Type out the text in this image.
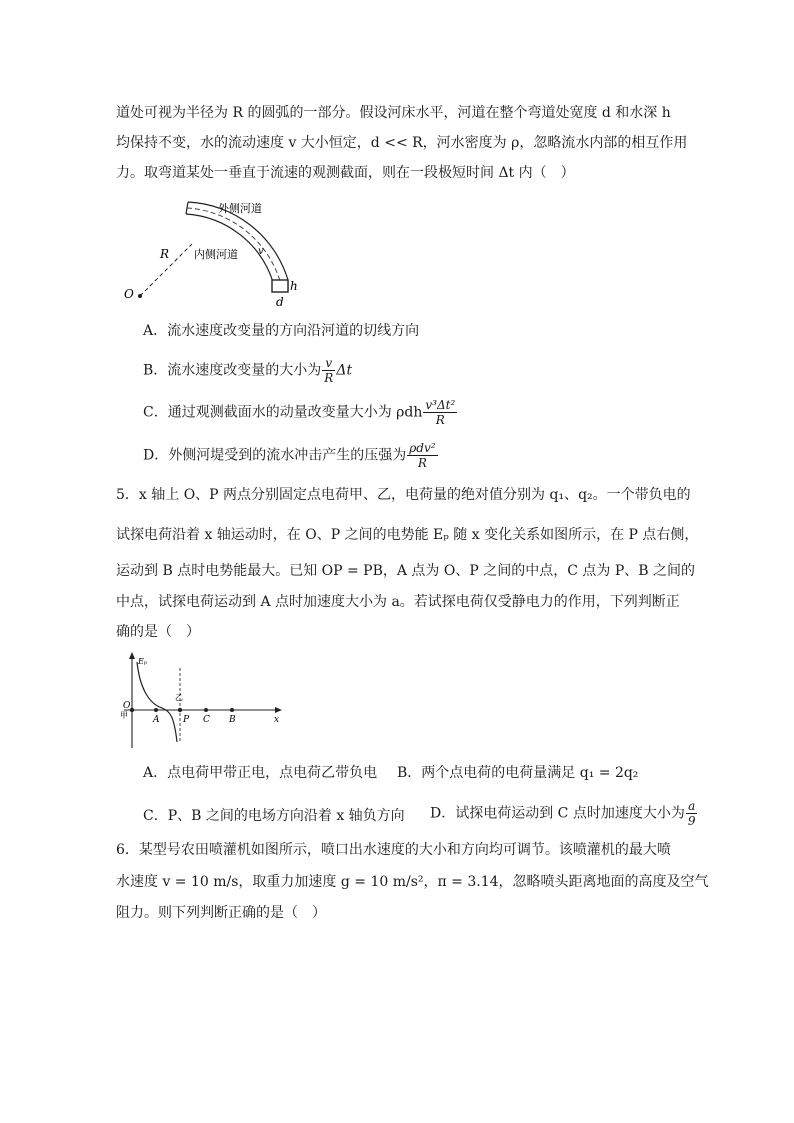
道处可视为半径为 R 的圆弧的一部分。假设河床水平，河道在整个弯道处宽度 d 和水深 h
均保持不变，水的流动速度 v 大小恒定，d << R，河水密度为 ρ，忽略流水内部的相互作用
力。取弯道某处一垂直于流速的观测截面，则在一段极短时间 Δt 内（　）
R
O
外侧河道
内侧河道 v
d
h
A．流水速度改变量的方向沿河道的切线方向
B．流水速度改变量的大小为 $\frac{v}{R}$ Δt
C．通过观测截面水的动量改变量大小为 ρdh $\frac{\text{v³Δt²}}{R}$
D．外侧河堤受到的流水冲击产生的压强为 $\frac{\text{ρdv²}}{R}$
5．x 轴上 O、P 两点分别固定点电荷甲、乙，电荷量的绝对值分别为 q₁、q₂。一个带负电的
试探电荷沿着 x 轴运动时，在 O、P 之间的电势能 Eₚ 随 x 变化关系如图所示，在 P 点右侧，
运动到 B 点时电势能最大。已知 OP = PB，A 点为 O、P 之间的中点，C 点为 P、B 之间的
中点，试探电荷运动到 A 点时加速度大小为 a。若试探电荷仅受静电力的作用，下列判断正
确的是（　）
Eₚ
O
甲	A	P
乙
C B	x
A．点电荷甲带正电，点电荷乙带负电 B．两个点电荷的电荷量满足 q₁ = 2q₂
C．P、B 之间的电场方向沿着 x 轴负方向 D．试探电荷运动到 C 点时加速度大小为 $\frac{a}{9}$
6．某型号农田喷灌机如图所示，喷口出水速度的大小和方向均可调节。该喷灌机的最大喷
水速度 v = 10 m/s，取重力加速度 g = 10 m/s²，π = 3.14，忽略喷头距离地面的高度及空气
阻力。则下列判断正确的是（　）
